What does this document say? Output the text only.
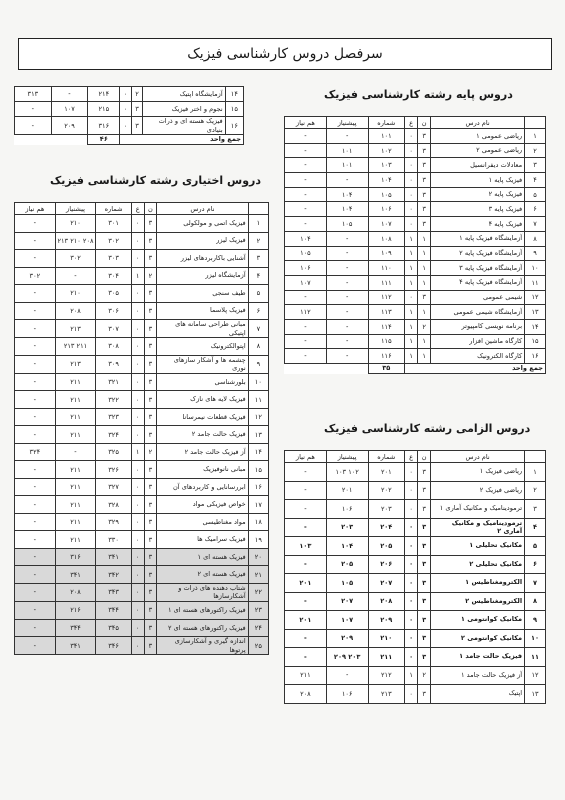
سرفصل دروس کارشناسی فیزیک
۱۴	آزمایشگاه اپتیک	۲	۰	۲۱۴	-	۳۱۳
۱۵	نجوم و اختر فیزیک	۳	۰	۲۱۵	۱۰۷	-
۱۶	فیزیک هسته ای و ذرات بنیادی	۳	۰	۳۱۶	۲۰۹	-
جمع واحد				۴۶		
دروس پایه رشته کارشناسی فیزیک
	نام درس	ن	ع	شماره	پیشنیاز	هم نیاز
۱	ریاضی عمومی ۱	۳	۰	۱۰۱	-	-
۲	ریاضی عمومی ۲	۳	۰	۱۰۲	۱۰۱	-
۳	معادلات دیفرانسیل	۳	۰	۱۰۳	۱۰۱	-
۴	فیزیک پایه ۱	۳	۰	۱۰۴	-	-
۵	فیزیک پایه ۲	۳	۰	۱۰۵	۱۰۴	-
۶	فیزیک پایه ۳	۳	۰	۱۰۶	۱۰۴	-
۷	فیزیک پایه ۴	۳	۰	۱۰۷	۱۰۵	-
۸	آزمایشگاه فیزیک پایه ۱	۱	۱	۱۰۸	-	۱۰۴
۹	آزمایشگاه فیزیک پایه ۲	۱	۱	۱۰۹	-	۱۰۵
۱۰	آزمایشگاه فیزیک پایه ۳	۱	۱	۱۱۰	-	۱۰۶
۱۱	آزمایشگاه فیزیک پایه ۴	۱	۱	۱۱۱	-	۱۰۷
۱۲	شیمی عمومی	۳	۰	۱۱۲	-	-
۱۳	آزمایشگاه شیمی عمومی	۱	۱	۱۱۳	-	۱۱۲
۱۴	برنامه نویسی کامپیوتر	۲	۱	۱۱۴	-	-
۱۵	کارگاه ماشین افزار	۱	۱	۱۱۵	-	-
۱۶	کارگاه الکترونیک	۱	۱	۱۱۶	-	-
جمع واحد				۳۵		
دروس اختیاری رشته کارشناسی فیزیک
	نام درس	ن	ع	شماره	پیشنیاز	هم نیاز
۱	فیزیک اتمی و مولکولی	۳	۰	۳۰۱	۲۱۰	-
۲	فیزیک لیزر	۳	۰	۳۰۲	۲۰۸ ۲۱۰ ۲۱۳	-
۳	آشنایی باکاربردهای لیزر	۳	۰	۳۰۳	۳۰۲	-
۴	آزمایشگاه لیزر	۲	۱	۳۰۴	-	۳۰۲
۵	طیف سنجی	۳	۰	۳۰۵	۲۱۰	-
۶	فیزیک پلاسما	۳	۰	۳۰۶	۲۰۸	-
۷	مبانی طراحی سامانه های اپتیکی	۳	۰	۳۰۷	۲۱۳	-
۸	اپتوالکترونیک	۳	۰	۳۰۸	۲۱۱ ۲۱۳	-
۹	چشمه ها و آشکار سازهای نوری	۳	۰	۳۰۹	۲۱۳	-
۱۰	بلورشناسی	۳	۰	۳۲۱	۲۱۱	-
۱۱	فیزیک لایه های نازک	۳	۰	۳۲۲	۲۱۱	-
۱۲	فیزیک قطعات نیمرسانا	۳	۰	۳۲۳	۲۱۱	-
۱۳	فیزیک حالت جامد ۲	۳	۰	۳۲۴	۲۱۱	-
۱۴	آز فیزیک حالت جامد ۲	۲	۱	۳۲۵	-	۳۲۴
۱۵	مبانی نانوفیزیک	۳	۰	۳۲۶	۲۱۱	-
۱۶	ابررسانایی و کاربردهای آن	۳	۰	۳۲۷	۲۱۱	-
۱۷	خواص فیزیکی مواد	۳	۰	۳۲۸	۲۱۱	-
۱۸	مواد مغناطیسی	۳	۰	۳۲۹	۲۱۱	-
۱۹	فیزیک سرامیک ها	۳	۰	۳۳۰	۲۱۱	-
۲۰	فیزیک هسته ای ۱	۳	۰	۳۴۱	۳۱۶	-
۲۱	فیزیک هسته ای ۲	۳	۰	۳۴۲	۳۴۱	-
۲۲	شتاب دهنده های ذرات و آشکارسازها	۳	۰	۳۴۳	۲۰۸	-
۲۳	فیزیک راکتورهای هسته ای ۱	۳	۰	۳۴۴	۲۱۶	-
۲۴	فیزیک راکتورهای هسته ای ۲	۳	۰	۳۴۵	۳۴۴	-
۲۵	اندازه گیری و آشکارسازی پرتوها	۳	۰	۳۴۶	۳۴۱	-
دروس الزامی رشته کارشناسی فیزیک
	نام درس	ن	ع	شماره	پیشنیاز	هم نیاز
۱	ریاضی فیزیک ۱	۳	۰	۲۰۱	۱۰۲ ۱۰۳	-
۲	ریاضی فیزیک ۲	۳	۰	۲۰۲	۲۰۱	-
۳	ترمودینامیک و مکانیک آماری ۱	۳	۰	۲۰۳	۱۰۶	-
۴	ترمودینامیک و مکانیک آماری ۲	۳	۰	۲۰۴	۲۰۳	-
۵	مکانیک تحلیلی ۱	۳	۰	۲۰۵	۱۰۴	۱۰۳
۶	مکانیک تحلیلی ۲	۳	۰	۲۰۶	۲۰۵	-
۷	الکترومغناطیس ۱	۳	۰	۲۰۷	۱۰۵	۲۰۱
۸	الکترومغناطیس ۲	۳	۰	۲۰۸	۲۰۷	-
۹	مکانیک کوانتومی ۱	۳	۰	۲۰۹	۱۰۷	۲۰۱
۱۰	مکانیک کوانتومی ۲	۳	۰	۲۱۰	۲۰۹	-
۱۱	فیزیک حالت جامد ۱	۳	۰	۲۱۱	۲۰۳ ۲۰۹	-
۱۲	آز فیزیک حالت جامد ۱	۲	۱	۲۱۲	-	۲۱۱
۱۳	اپتیک	۳	۰	۲۱۳	۱۰۶	۲۰۸
